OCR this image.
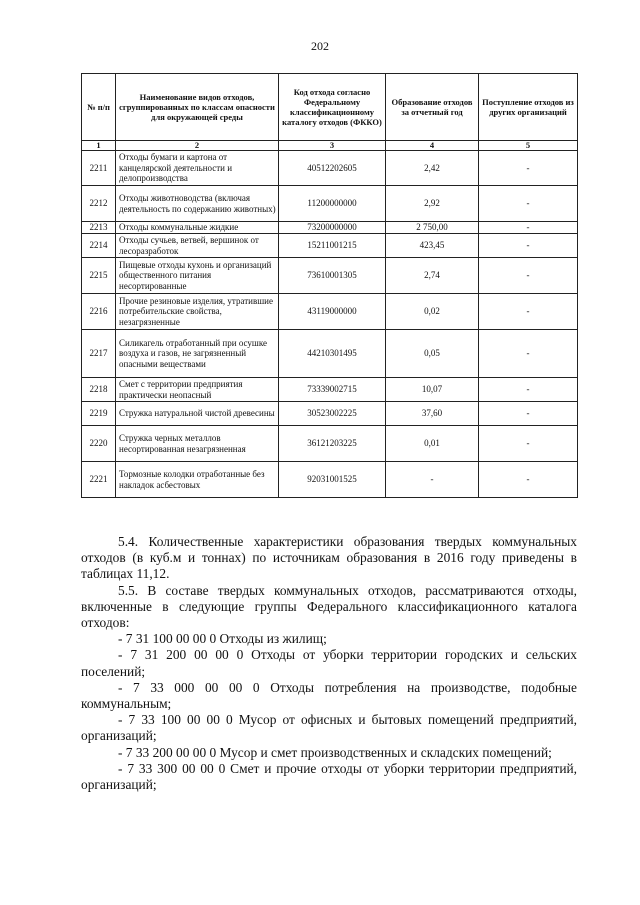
202
№ п/п	Наименование видов отходов, сгруппированных по классам опасности для окружающей среды	Код отхода согласно Федеральному классификационному каталогу отходов (ФККО)	Образование отходов за отчетный год	Поступление отходов из других организаций
1	2	3	4	5
2211	Отходы бумаги и картона от канцелярской деятельности и делопроизводства	40512202605	2,42	-
2212	Отходы животноводства (включая деятельность по содержанию животных)	11200000000	2,92	-
2213	Отходы коммунальные жидкие	73200000000	2 750,00	-
2214	Отходы сучьев, ветвей, вершинок от лесоразработок	15211001215	423,45	-
2215	Пищевые отходы кухонь и организаций общественного питания несортированные	73610001305	2,74	-
2216	Прочие резиновые изделия, утратившие потребительские свойства, незагрязненные	43119000000	0,02	-
2217	Силикагель отработанный при осушке воздуха и газов, не загрязненный опасными веществами	44210301495	0,05	-
2218	Смет с территории предприятия практически неопасный	73339002715	10,07	-
2219	Стружка натуральной чистой древесины	30523002225	37,60	-
2220	Стружка черных металлов несортированная незагрязненная	36121203225	0,01	-
2221	Тормозные колодки отработанные без накладок асбестовых	92031001525	-	-

5.4. Количественные характеристики образования твердых коммунальных отходов (в куб.м и тоннах) по источникам образования в 2016 году приведены в таблицах 11,12.

5.5. В составе твердых коммунальных отходов, рассматриваются отходы, включенные в следующие группы Федерального классификационного каталога отходов:

- 7 31 100 00 00 0 Отходы из жилищ;

- 7 31 200 00 00 0 Отходы от уборки территории городских и сельских поселений;

- 7 33 000 00 00 0 Отходы потребления на производстве, подобные коммунальным;

- 7 33 100 00 00 0 Мусор от офисных и бытовых помещений предприятий, организаций;

- 7 33 200 00 00 0 Мусор и смет производственных и складских помещений;

- 7 33 300 00 00 0 Смет и прочие отходы от уборки территории предприятий, организаций;
